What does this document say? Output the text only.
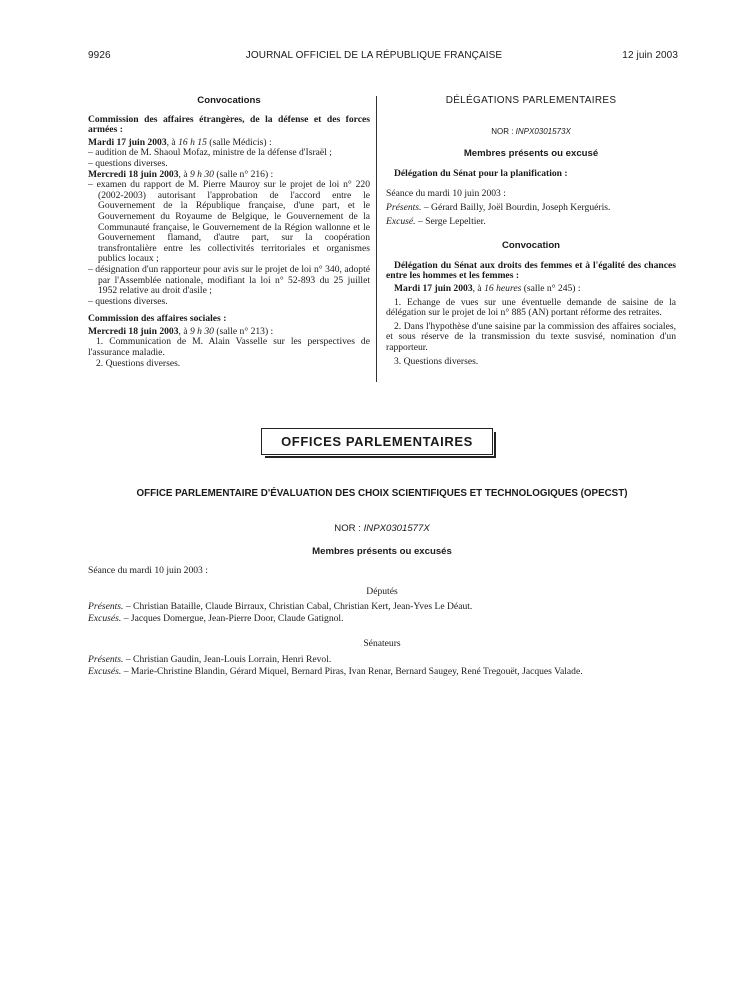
9926	JOURNAL OFFICIEL DE LA RÉPUBLIQUE FRANÇAISE	12 juin 2003
Convocations

Commission des affaires étrangères, de la défense et des forces armées :

Mardi 17 juin 2003, à 16 h 15 (salle Médicis) :

– audition de M. Shaoul Mofaz, ministre de la défense d'Israël ;

– questions diverses.

Mercredi 18 juin 2003, à 9 h 30 (salle n° 216) :

– examen du rapport de M. Pierre Mauroy sur le projet de loi n° 220 (2002-2003) autorisant l'approbation de l'accord entre le Gouvernement de la République française, d'une part, et le Gouvernement du Royaume de Belgique, le Gouvernement de la Communauté française, le Gouvernement de la Région wallonne et le Gouvernement flamand, d'autre part, sur la coopération transfrontalière entre les collectivités territoriales et organismes publics locaux ;

– désignation d'un rapporteur pour avis sur le projet de loi n° 340, adopté par l'Assemblée nationale, modifiant la loi n° 52-893 du 25 juillet 1952 relative au droit d'asile ;

– questions diverses.

Commission des affaires sociales :

Mercredi 18 juin 2003, à 9 h 30 (salle n° 213) :

1. Communication de M. Alain Vasselle sur les perspectives de l'assurance maladie.

2. Questions diverses.

DÉLÉGATIONS PARLEMENTAIRES
NOR : INPX0301573X
Membres présents ou excusé

Délégation du Sénat pour la planification :

Séance du mardi 10 juin 2003 :

Présents. – Gérard Bailly, Joël Bourdin, Joseph Kerguéris.

Excusé. – Serge Lepeltier.

Convocation

Délégation du Sénat aux droits des femmes et à l'égalité des chances entre les hommes et les femmes :

Mardi 17 juin 2003, à 16 heures (salle n° 245) :

1. Echange de vues sur une éventuelle demande de saisine de la délégation sur le projet de loi n° 885 (AN) portant réforme des retraites.

2. Dans l'hypothèse d'une saisine par la commission des affaires sociales, et sous réserve de la transmission du texte susvisé, nomination d'un rapporteur.

3. Questions diverses.

OFFICES PARLEMENTAIRES
OFFICE PARLEMENTAIRE D'ÉVALUATION DES CHOIX SCIENTIFIQUES ET TECHNOLOGIQUES (OPECST)
NOR : INPX0301577X
Membres présents ou excusés
Séance du mardi 10 juin 2003 :
Députés
Présents. – Christian Bataille, Claude Birraux, Christian Cabal, Christian Kert, Jean-Yves Le Déaut.
Excusés. – Jacques Domergue, Jean-Pierre Door, Claude Gatignol.
Sénateurs
Présents. – Christian Gaudin, Jean-Louis Lorrain, Henri Revol.
Excusés. – Marie-Christine Blandin, Gérard Miquel, Bernard Piras, Ivan Renar, Bernard Saugey, René Tregouët, Jacques Valade.
